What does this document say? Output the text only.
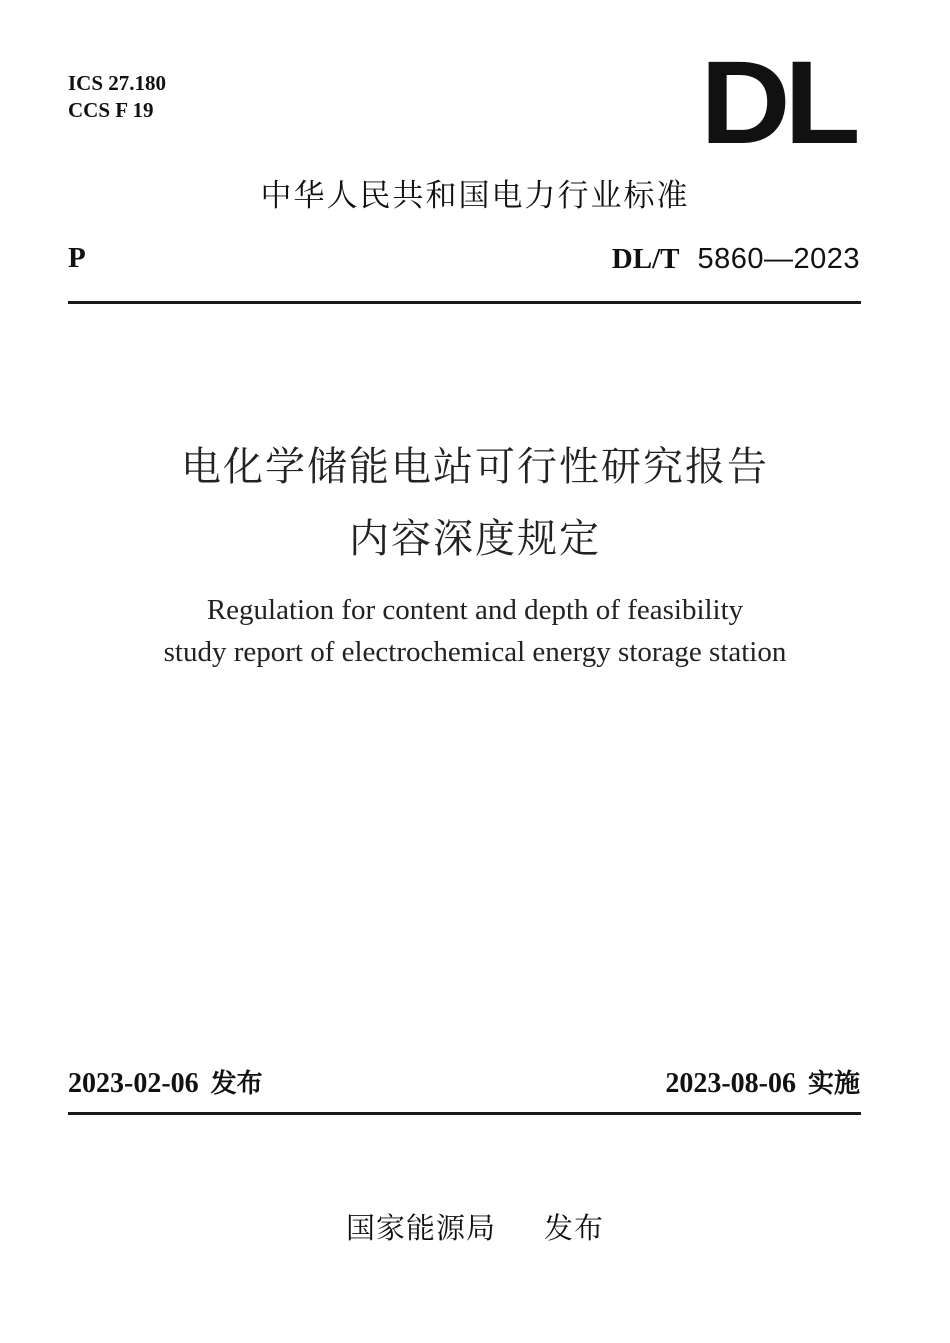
ICS 27.180
CCS F 19	DL
中华人民共和国电力行业标准
P	DL/T 5860—2023
电化学储能电站可行性研究报告
内容深度规定
Regulation for content and depth of feasibility
study report of electrochemical energy storage station
2023-02-06 发布	2023-08-06 实施
国家能源局 发布
